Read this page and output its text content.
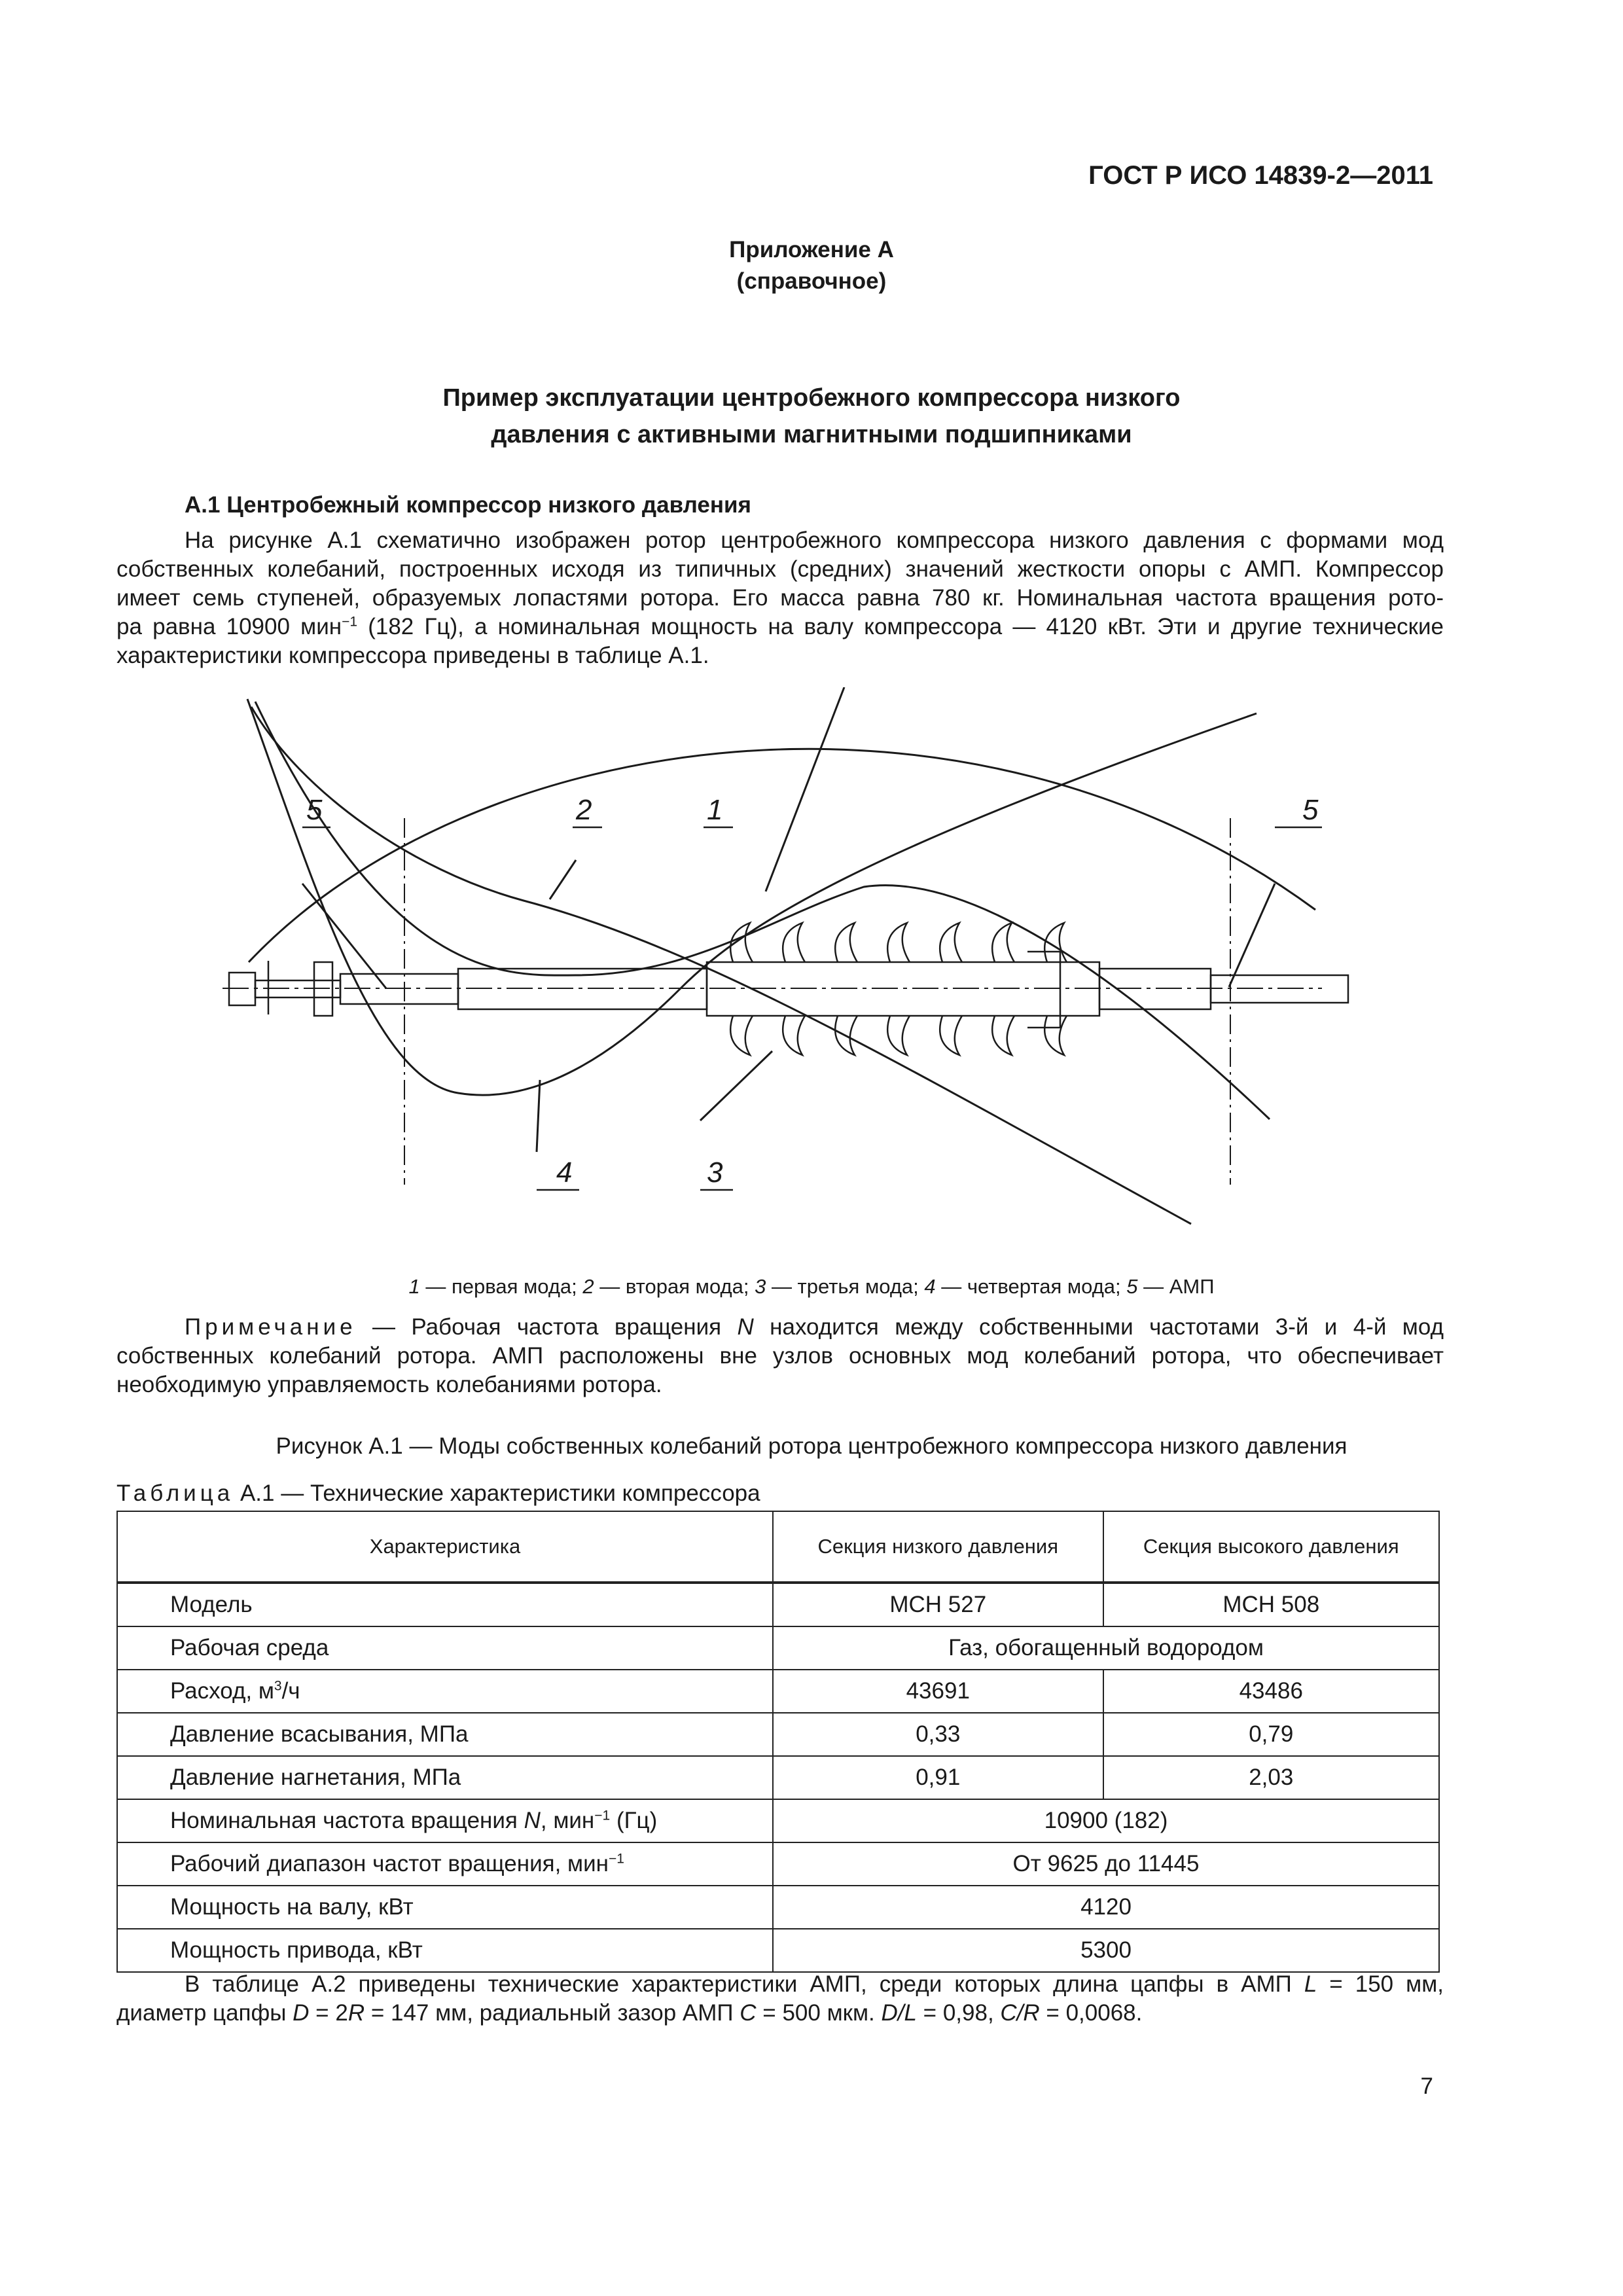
ГОСТ Р ИСО 14839-2—2011
Приложение А
(справочное)
Пример эксплуатации центробежного компрессора низкого
давления с активными магнитными подшипниками
А.1 Центробежный компрессор низкого давления
На рисунке А.1 схематично изображен ротор центробежного компрессора низкого давления с формами мод
собственных колебаний, построенных исходя из типичных (средних) значений жесткости опоры с АМП. Компрессор
имеет семь ступеней, образуемых лопастями ротора. Его масса равна 780 кг. Номинальная частота вращения рото-
ра равна 10900 мин$^{-1}$ (182 Гц), а номинальная мощность на валу компрессора — 4120 кВт. Эти и другие технические
характеристики компрессора приведены в таблице А.1.
5	2	1	5
4	3
1 — первая мода; 2 — вторая мода; 3 — третья мода; 4 — четвертая мода; 5 — АМП
Примечание — Рабочая частота вращения N находится между собственными частотами 3-й и 4-й мод
собственных колебаний ротора. АМП расположены вне узлов основных мод колебаний ротора, что обеспечивает
необходимую управляемость колебаниями ротора.
Рисунок А.1 — Моды собственных колебаний ротора центробежного компрессора низкого давления
Таблица А.1 — Технические характеристики компрессора
Характеристика	Секция низкого давления	Секция высокого давления
Модель	MCH 527	MCH 508
Рабочая среда	Газ, обогащенный водородом	
Расход, $м^3/ч$	43691	43486
Давление всасывания, МПа	0,33	0,79
Давление нагнетания, МПа	0,91	2,03
Номинальная частота вращения N, мин$^{-1}$ (Гц)	10900 (182)	
Рабочий диапазон частот вращения, мин$^{-1}$	От 9625 до 11445	
Мощность на валу, кВт	4120	
Мощность привода, кВт	5300	
В таблице А.2 приведены технические характеристики АМП, среди которых длина цапфы в АМП L = 150 мм,
диаметр цапфы D = 2R = 147 мм, радиальный зазор АМП C = 500 мкм. D/L = 0,98, C/R = 0,0068.
7
